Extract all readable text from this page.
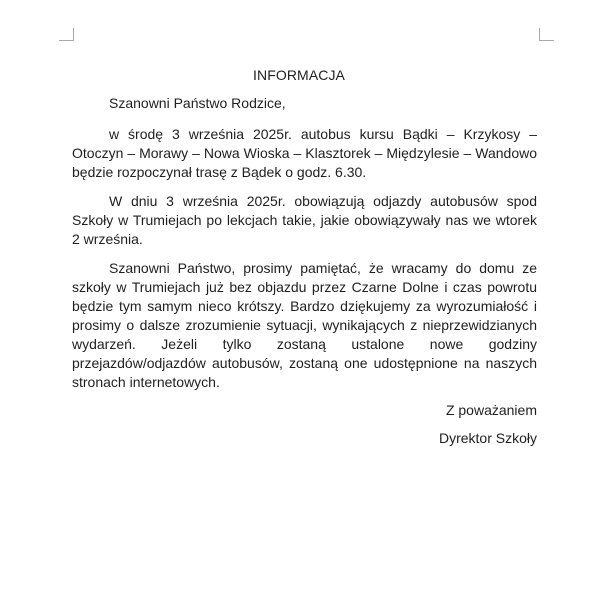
INFORMACJA
Szanowni Państwo Rodzice,

w środę 3 września 2025r. autobus kursu Bądki – Krzykosy – Otoczyn – Morawy – Nowa Wioska – Klasztorek – Międzylesie – Wandowo będzie rozpoczynał trasę z Bądek o godz. 6.30.

W dniu 3 września 2025r. obowiązują odjazdy autobusów spod Szkoły w Trumiejach po lekcjach takie, jakie obowiązywały nas we wtorek 2 września.

Szanowni Państwo, prosimy pamiętać, że wracamy do domu ze szkoły w Trumiejach już bez objazdu przez Czarne Dolne i czas powrotu będzie tym samym nieco krótszy. Bardzo dziękujemy za wyrozumiałość i prosimy o dalsze zrozumienie sytuacji, wynikających z nieprzewidzianych wydarzeń. Jeżeli tylko zostaną ustalone nowe godziny przejazdów/odjazdów autobusów, zostaną one udostępnione na naszych stronach internetowych.

Z poważaniem
Dyrektor Szkoły
